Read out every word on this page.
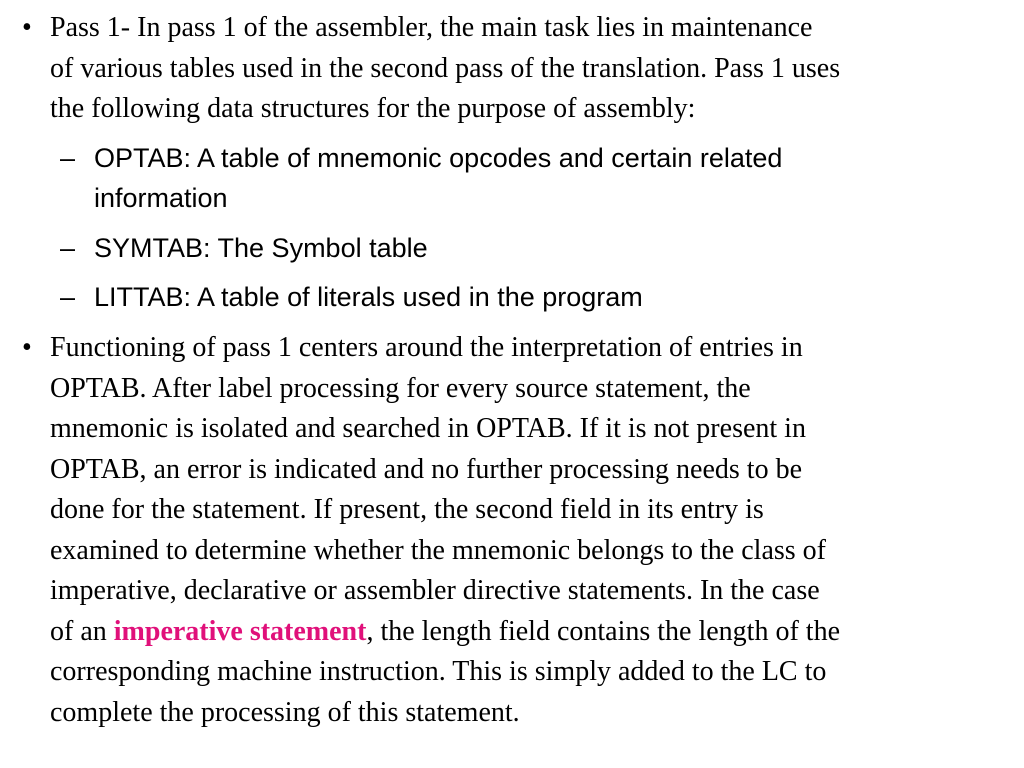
• Pass 1- In pass 1 of the assembler, the main task lies in maintenance
of various tables used in the second pass of the translation. Pass 1 uses
the following data structures for the purpose of assembly:
– OPTAB: A table of mnemonic opcodes and certain related
information
– SYMTAB: The Symbol table
– LITTAB: A table of literals used in the program
• Functioning of pass 1 centers around the interpretation of entries in
OPTAB. After label processing for every source statement, the
mnemonic is isolated and searched in OPTAB. If it is not present in
OPTAB, an error is indicated and no further processing needs to be
done for the statement. If present, the second field in its entry is
examined to determine whether the mnemonic belongs to the class of
imperative, declarative or assembler directive statements. In the case
of an imperative statement, the length field contains the length of the
corresponding machine instruction. This is simply added to the LC to
complete the processing of this statement.
